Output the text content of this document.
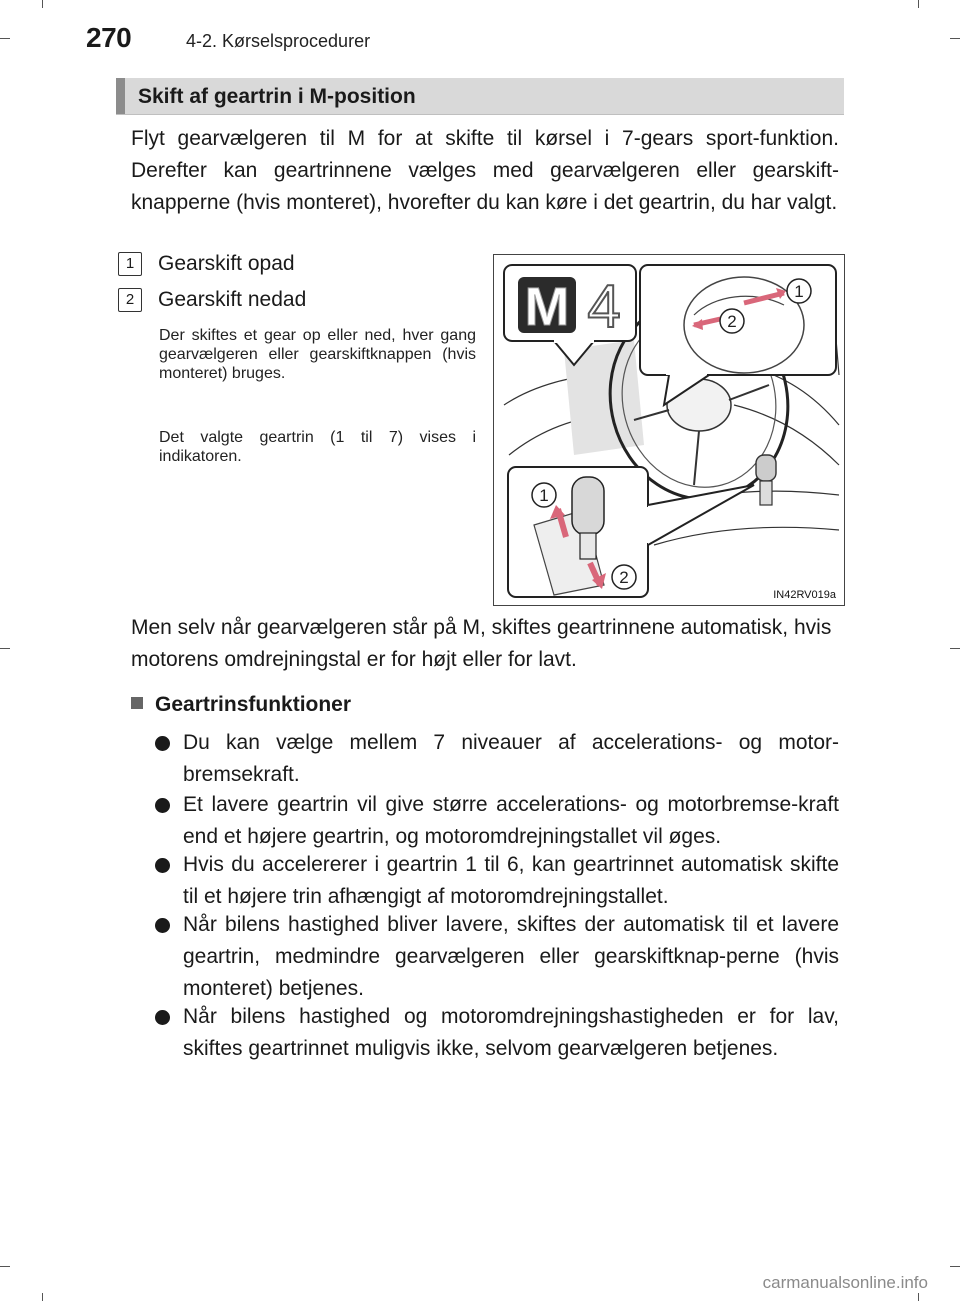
270	4-2. Kørselsprocedurer
Skift af geartrin i M-position
Flyt gearvælgeren til M for at skifte til kørsel i 7-gears sport-funktion. Derefter kan geartrinnene vælges med gearvælgeren eller gearskift-knapperne (hvis monteret), hvorefter du kan køre i det geartrin, du har valgt.
1 Gearskift opad
2 Gearskift nedad
Der skiftes et gear op eller ned, hver gang gearvælgeren eller gearskiftknappen (hvis monteret) bruges.
Det valgte geartrin (1 til 7) vises i indikatoren.
M 4	1
2
1
2
IN42RV019a
Men selv når gearvælgeren står på M, skiftes geartrinnene automatisk, hvis motorens omdrejningstal er for højt eller for lavt.
Geartrinsfunktioner
Du kan vælge mellem 7 niveauer af accelerations- og motor-bremsekraft.
Et lavere geartrin vil give større accelerations- og motorbremse-kraft end et højere geartrin, og motoromdrejningstallet vil øges.
Hvis du accelererer i geartrin 1 til 6, kan geartrinnet automatisk skifte til et højere trin afhængigt af motoromdrejningstallet.
Når bilens hastighed bliver lavere, skiftes der automatisk til et lavere geartrin, medmindre gearvælgeren eller gearskiftknap-perne (hvis monteret) betjenes.
Når bilens hastighed og motoromdrejningshastigheden er for lav, skiftes geartrinnet muligvis ikke, selvom gearvælgeren betjenes.
carmanualsonline.info
